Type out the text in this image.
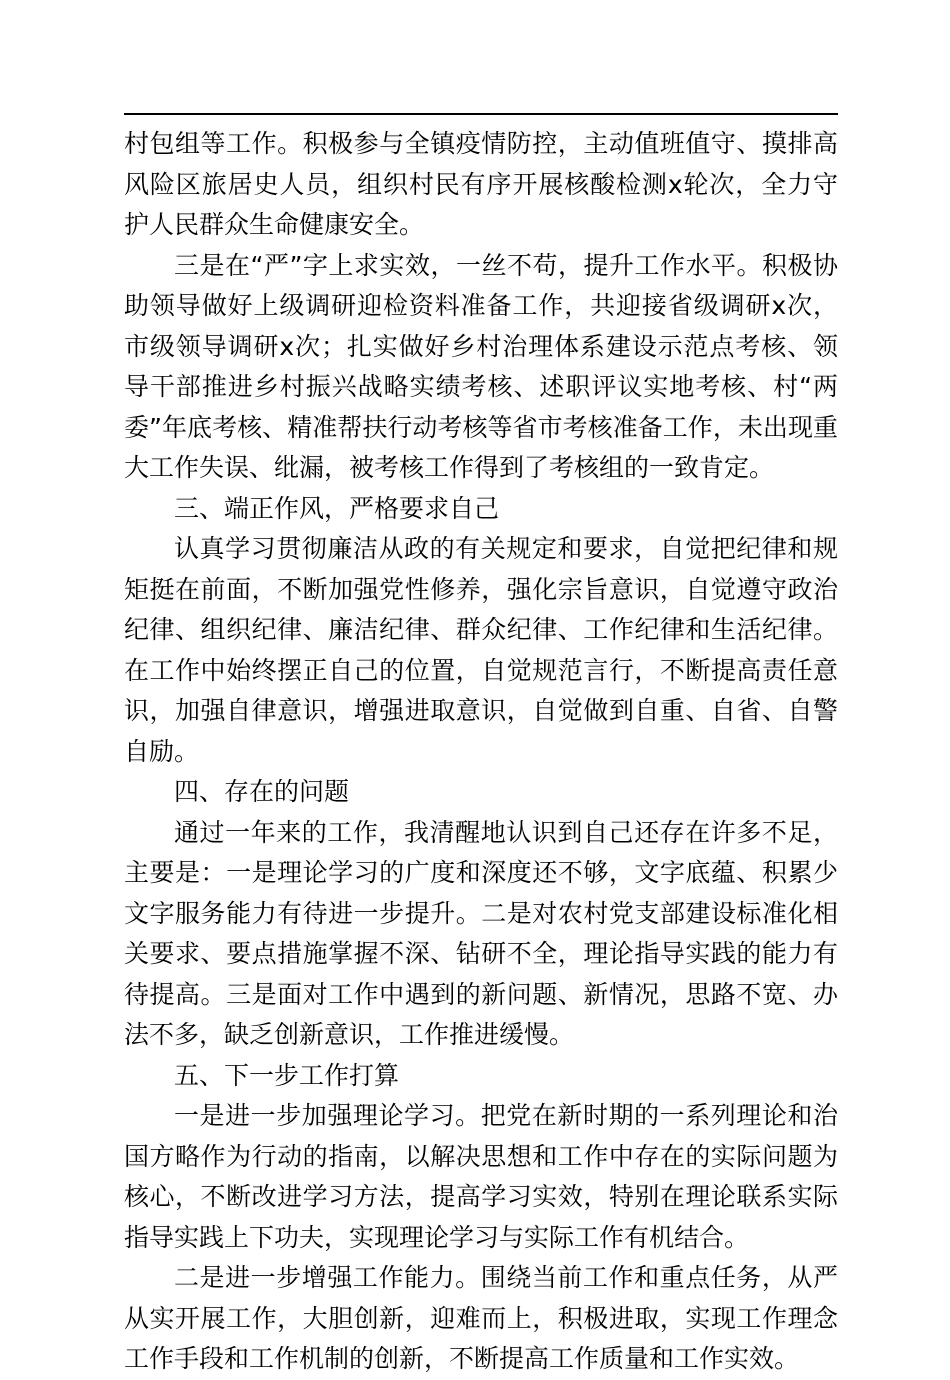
村包组等工作。积极参与全镇疫情防控，主动值班值守、摸排高风险区旅居史人员，组织村民有序开展核酸检测x轮次，全力守护人民群众生命健康安全。

三是在“严”字上求实效，一丝不苟，提升工作水平。积极协助领导做好上级调研迎检资料准备工作，共迎接省级调研x次，市级领导调研x次；扎实做好乡村治理体系建设示范点考核、领导干部推进乡村振兴战略实绩考核、述职评议实地考核、村“两委”年底考核、精准帮扶行动考核等省市考核准备工作，未出现重大工作失误、纰漏，被考核工作得到了考核组的一致肯定。

三、端正作风，严格要求自己

认真学习贯彻廉洁从政的有关规定和要求，自觉把纪律和规矩挺在前面，不断加强党性修养，强化宗旨意识，自觉遵守政治纪律、组织纪律、廉洁纪律、群众纪律、工作纪律和生活纪律。在工作中始终摆正自己的位置，自觉规范言行，不断提高责任意识，加强自律意识，增强进取意识，自觉做到自重、自省、自警自励。

四、存在的问题

通过一年来的工作，我清醒地认识到自己还存在许多不足，主要是：一是理论学习的广度和深度还不够，文字底蕴、积累少文字服务能力有待进一步提升。二是对农村党支部建设标准化相关要求、要点措施掌握不深、钻研不全，理论指导实践的能力有待提高。三是面对工作中遇到的新问题、新情况，思路不宽、办法不多，缺乏创新意识，工作推进缓慢。

五、下一步工作打算

一是进一步加强理论学习。把党在新时期的一系列理论和治国方略作为行动的指南，以解决思想和工作中存在的实际问题为核心，不断改进学习方法，提高学习实效，特别在理论联系实际指导实践上下功夫，实现理论学习与实际工作有机结合。

二是进一步增强工作能力。围绕当前工作和重点任务，从严从实开展工作，大胆创新，迎难而上，积极进取，实现工作理念工作手段和工作机制的创新，不断提高工作质量和工作实效。
